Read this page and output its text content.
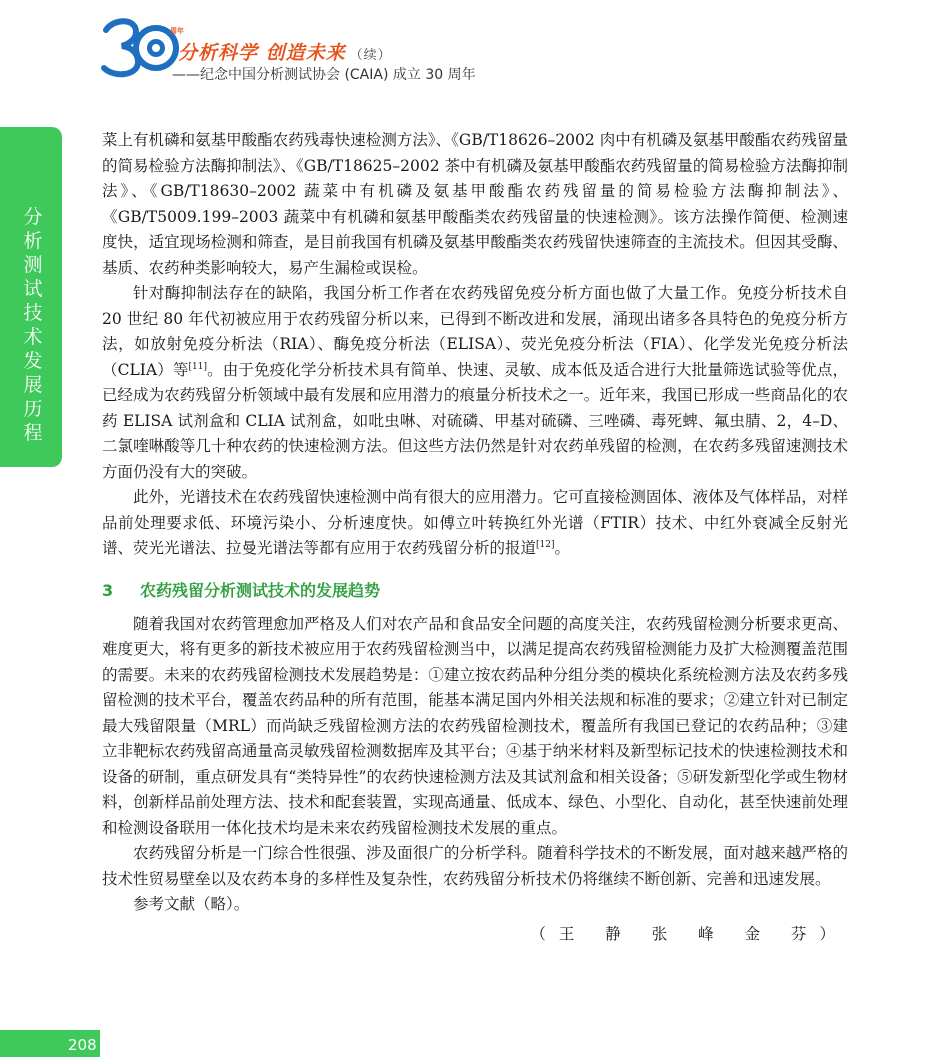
周年
分析科学 创造未来 （续）
——纪念中国分析测试协会 (CAIA) 成立 30 周年
分析测试技术发展历程

菜上有机磷和氨基甲酸酯农药残毒快速检测方法》、《GB/T18626–2002 肉中有机磷及氨基甲酸酯农药残留量的简易检验方法酶抑制法》、《GB/T18625–2002 茶中有机磷及氨基甲酸酯农药残留量的简易检验方法酶抑制法》、《GB/T18630–2002 蔬菜中有机磷及氨基甲酸酯农药残留量的简易检验方法酶抑制法》、《GB/T5009.199–2003 蔬菜中有机磷和氨基甲酸酯类农药残留量的快速检测》。该方法操作简便、检测速度快，适宜现场检测和筛查，是目前我国有机磷及氨基甲酸酯类农药残留快速筛查的主流技术。但因其受酶、基质、农药种类影响较大，易产生漏检或误检。

针对酶抑制法存在的缺陷，我国分析工作者在农药残留免疫分析方面也做了大量工作。免疫分析技术自 20 世纪 80 年代初被应用于农药残留分析以来，已得到不断改进和发展，涌现出诸多各具特色的免疫分析方法，如放射免疫分析法（RIA）、酶免疫分析法（ELISA）、荧光免疫分析法（FIA）、化学发光免疫分析法（CLIA）等[11]。由于免疫化学分析技术具有简单、快速、灵敏、成本低及适合进行大批量筛选试验等优点，已经成为农药残留分析领域中最有发展和应用潜力的痕量分析技术之一。近年来，我国已形成一些商品化的农药 ELISA 试剂盒和 CLIA 试剂盒，如吡虫啉、对硫磷、甲基对硫磷、三唑磷、毒死蜱、氟虫腈、2，4–D、二氯喹啉酸等几十种农药的快速检测方法。但这些方法仍然是针对农药单残留的检测，在农药多残留速测技术方面仍没有大的突破。

此外，光谱技术在农药残留快速检测中尚有很大的应用潜力。它可直接检测固体、液体及气体样品，对样品前处理要求低、环境污染小、分析速度快。如傅立叶转换红外光谱（FTIR）技术、中红外衰减全反射光谱、荧光光谱法、拉曼光谱法等都有应用于农药残留分析的报道[12]。

3 农药残留分析测试技术的发展趋势

随着我国对农药管理愈加严格及人们对农产品和食品安全问题的高度关注，农药残留检测分析要求更高、难度更大，将有更多的新技术被应用于农药残留检测当中，以满足提高农药残留检测能力及扩大检测覆盖范围的需要。未来的农药残留检测技术发展趋势是：①建立按农药品种分组分类的模块化系统检测方法及农药多残留检测的技术平台，覆盖农药品种的所有范围，能基本满足国内外相关法规和标准的要求；②建立针对已制定最大残留限量（MRL）而尚缺乏残留检测方法的农药残留检测技术，覆盖所有我国已登记的农药品种；③建立非靶标农药残留高通量高灵敏残留检测数据库及其平台；④基于纳米材料及新型标记技术的快速检测技术和设备的研制，重点研发具有“类特异性”的农药快速检测方法及其试剂盒和相关设备；⑤研发新型化学或生物材料，创新样品前处理方法、技术和配套装置，实现高通量、低成本、绿色、小型化、自动化，甚至快速前处理和检测设备联用一体化技术均是未来农药残留检测技术发展的重点。

农药残留分析是一门综合性很强、涉及面很广的分析学科。随着科学技术的不断发展，面对越来越严格的技术性贸易壁垒以及农药本身的多样性及复杂性，农药残留分析技术仍将继续不断创新、完善和迅速发展。

参考文献（略）。

（王 静 张 峰 金 芬）

208
